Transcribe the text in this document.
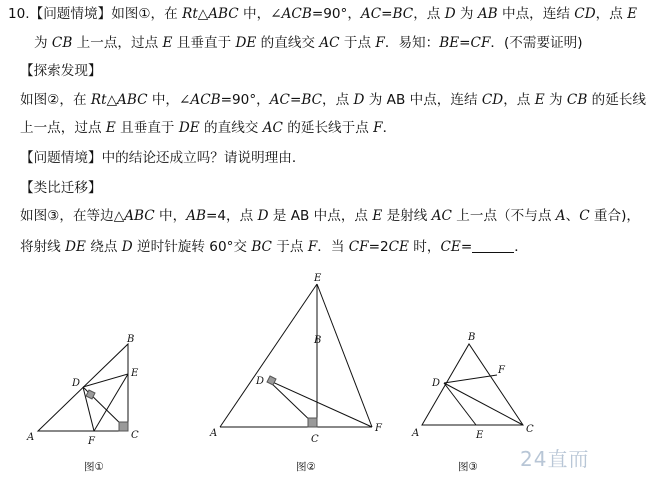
10.【问题情境】如图①，在 Rt△ABC 中，∠ACB=90°，AC=BC，点 D 为 AB 中点，连结 CD，点 E
为 CB 上一点，过点 E 且垂直于 DE 的直线交 AC 于点 F．易知：BE=CF．(不需要证明)
【探索发现】
如图②，在 Rt△ABC 中，∠ACB=90°，AC=BC，点 D 为 AB 中点，连结 CD，点 E 为 CB 的延长线
上一点，过点 E 且垂直于 DE 的直线交 AC 的延长线于点 F．
【问题情境】中的结论还成立吗？请说明理由．
【类比迁移】
如图③，在等边△ABC 中，AB=4，点 D 是 AB 中点，点 E 是射线 AC 上一点（不与点 A、C 重合)，
将射线 DE 绕点 D 逆时针旋转 60°交 BC 于点 F．当 CF=2CE 时，CE=	．
A
B
C
D
E
F
图①
A
B
C
D
E
F
图②
A
B
C
D
E
F
图③ 24直而
